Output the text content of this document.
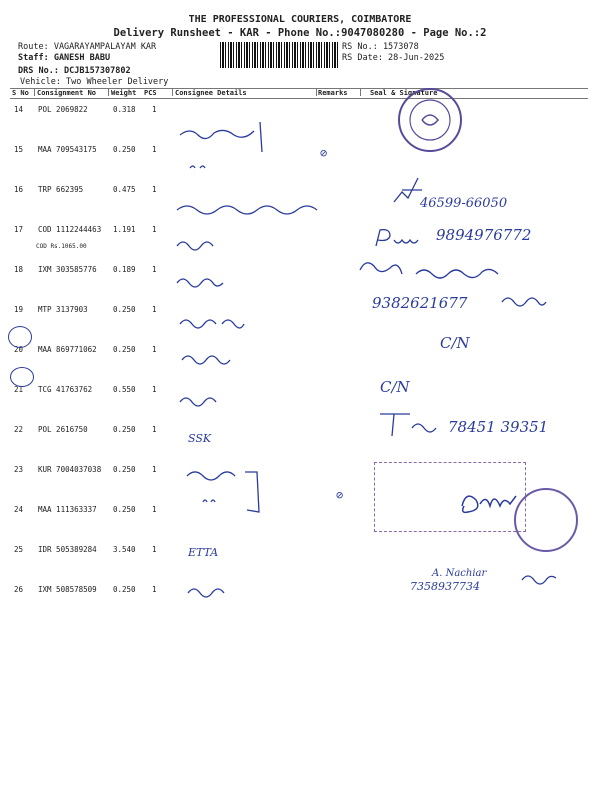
THE PROFESSIONAL COURIERS, COIMBATORE
Delivery Runsheet - KAR - Phone No.:9047080280 - Page No.:2
Route: VAGARAYAMPALAYAM KAR
Staff: GANESH BABU
DRS No.: DCJB157307802
Vehicle: Two Wheeler Delivery
RS No.: 1573078
RS Date: 28-Jun-2025
S No Consignment No Weight PCS	Consignee Details	Remarks	Seal & Signature
14 POL 2069822	0.318 1
15 MAA 709543175 0.250 1
16 TRP 662395	0.475 1
17 COD 1112244463 1.191 1
COD Rs.1065.00
18 IXM 303585776 0.189 1
19 MTP 3137903	0.250 1
20 MAA 869771062 0.250 1
21 TCG 41763762	0.550 1
22 POL 2616750	0.250 1
23 KUR 7004037038 0.250 1
24 MAA 111363337 0.250 1
25 IDR 505389284 3.540 1
26 IXM 508578509 0.250 1
⊘
⊘
46599-66050
9894976772
9382621677
C/N
C/N
78451 39351
SSK
ETTA
A. Nachiar
7358937734
